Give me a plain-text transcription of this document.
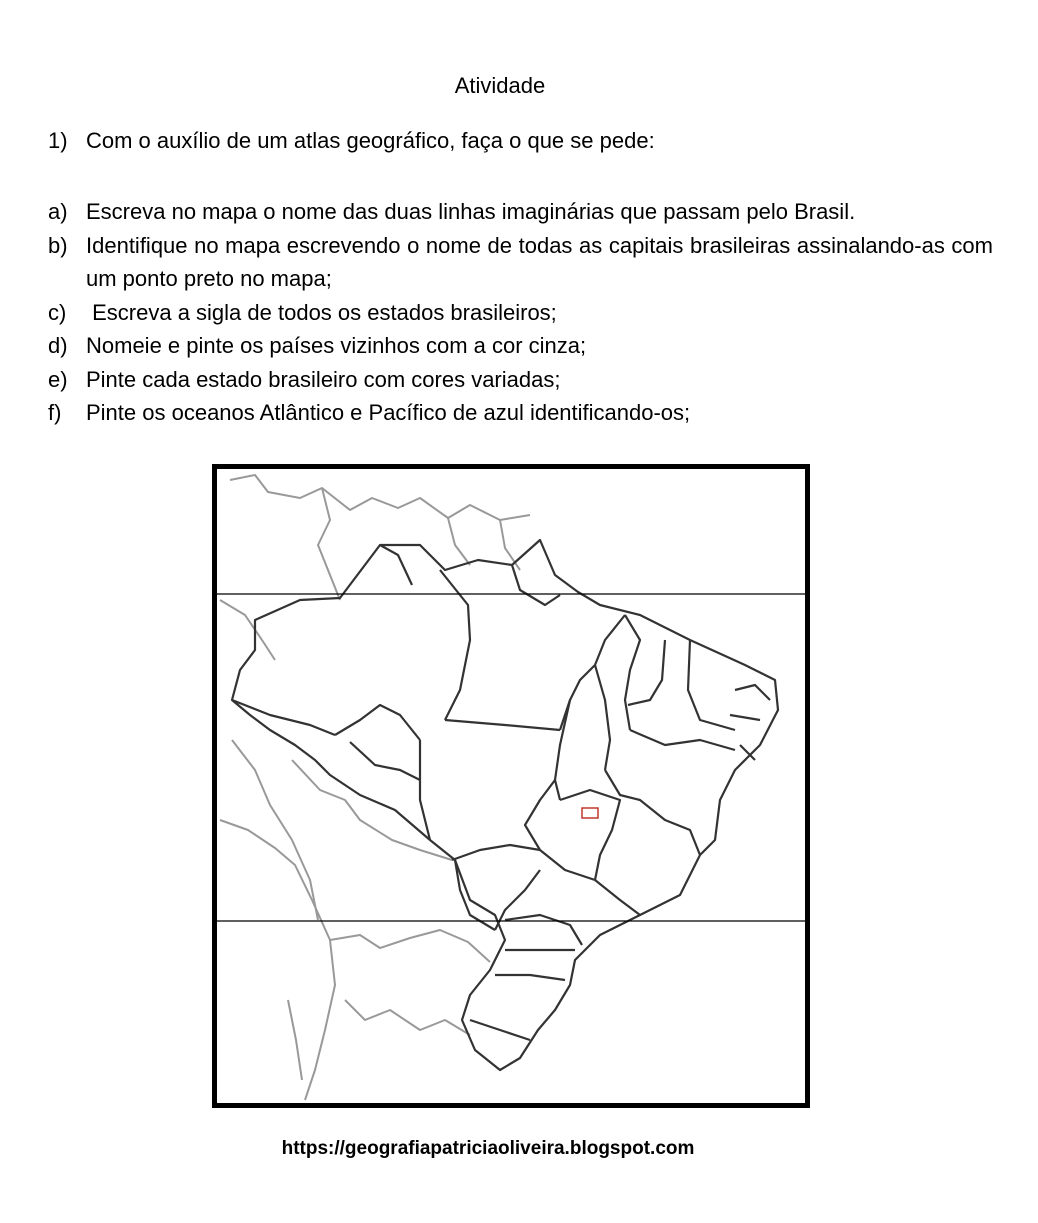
Atividade
1) Com o auxílio de um atlas geográfico, faça o que se pede:
a) Escreva no mapa o nome das duas linhas imaginárias que passam pelo Brasil.
b) Identifique no mapa escrevendo o nome de todas as capitais brasileiras assinalando-as com um ponto preto no mapa;
c) Escreva a sigla de todos os estados brasileiros;
d) Nomeie e pinte os países vizinhos com a cor cinza;
e) Pinte cada estado brasileiro com cores variadas;
f)	Pinte os oceanos Atlântico e Pacífico de azul identificando-os;
https://geografiapatriciaoliveira.blogspot.com
